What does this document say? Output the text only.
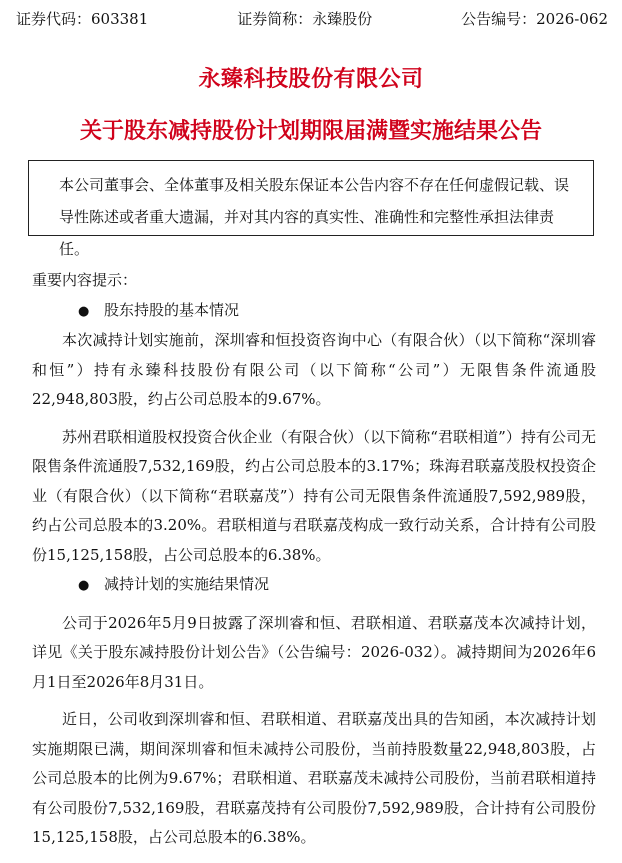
证券代码：603381	证券简称：永臻股份	公告编号：2026-062
永臻科技股份有限公司
关于股东减持股份计划期限届满暨实施结果公告
本公司董事会、全体董事及相关股东保证本公告内容不存在任何虚假记载、误导性陈述或者重大遗漏，并对其内容的真实性、准确性和完整性承担法律责任。

重要内容提示：

● 股东持股的基本情况

本次减持计划实施前，深圳睿和恒投资咨询中心（有限合伙）（以下简称“深圳睿和恒”）持有永臻科技股份有限公司（以下简称“公司”）无限售条件流通股22,948,803股，约占公司总股本的9.67%。

苏州君联相道股权投资合伙企业（有限合伙）（以下简称“君联相道”）持有公司无限售条件流通股7,532,169股，约占公司总股本的3.17%；珠海君联嘉茂股权投资企业（有限合伙）（以下简称“君联嘉茂”）持有公司无限售条件流通股7,592,989股，约占公司总股本的3.20%。君联相道与君联嘉茂构成一致行动关系，合计持有公司股份15,125,158股，占公司总股本的6.38%。

● 减持计划的实施结果情况

公司于2026年5月9日披露了深圳睿和恒、君联相道、君联嘉茂本次减持计划，详见《关于股东减持股份计划公告》（公告编号：2026-032）。减持期间为2026年6月1日至2026年8月31日。

近日，公司收到深圳睿和恒、君联相道、君联嘉茂出具的告知函，本次减持计划实施期限已满，期间深圳睿和恒未减持公司股份，当前持股数量22,948,803股，占公司总股本的比例为9.67%；君联相道、君联嘉茂未减持公司股份，当前君联相道持有公司股份7,532,169股，君联嘉茂持有公司股份7,592,989股，合计持有公司股份15,125,158股，占公司总股本的6.38%。
